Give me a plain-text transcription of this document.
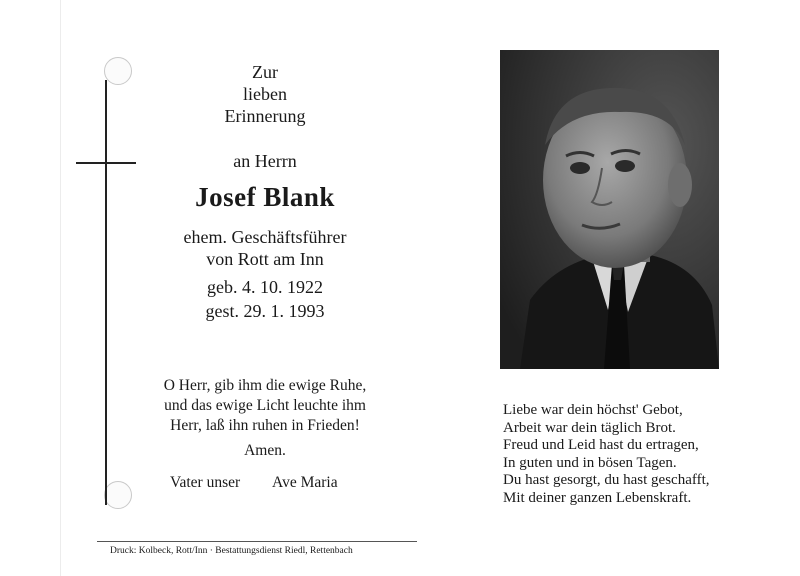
Zur
lieben
Erinnerung
an Herrn
Josef Blank
ehem. Geschäftsführer
von Rott am Inn
geb. 4. 10. 1922
gest. 29. 1. 1993
O Herr, gib ihm die ewige Ruhe,
und das ewige Licht leuchte ihm
Herr, laß ihn ruhen in Frieden!
Amen.
Vater unser Ave Maria
Druck: Kolbeck, Rott/Inn · Bestattungsdienst Riedl, Rettenbach
Liebe war dein höchst' Gebot,
Arbeit war dein täglich Brot.
Freud und Leid hast du ertragen,
In guten und in bösen Tagen.
Du hast gesorgt, du hast geschafft,
Mit deiner ganzen Lebenskraft.
